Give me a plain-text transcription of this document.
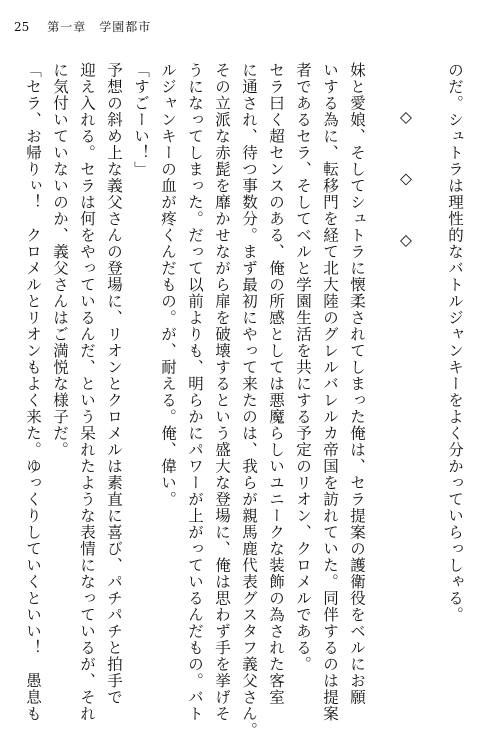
25 第一章　学園都市

のだ。シュトラは理性的なバトルジャンキーをよく分かっていらっしゃる。

◇　◇　◇

妹と愛娘、そしてシュトラに懐柔されてしまった俺は、セラ提案の護衛役をベルにお願

いする為に、転移門を経て北大陸のグレルバレルカ帝国を訪れていた。同伴するのは提案

者であるセラ、そしてベルと学園生活を共にする予定のリオン、クロメルである。

セラ曰く超センスのある、俺の所感としては悪魔らしいユニークな装飾の為された客室

に通され、待つ事数分。まず最初にやって来たのは、我らが親馬鹿代表グスタフ義父さん。

その立派な赤髭を靡かせながら扉を破壊するという盛大な登場に、俺は思わず手を挙げそ

うになってしまった。だって以前よりも、明らかにパワーが上がっているんだもの。バト

ルジャンキーの血が疼くんだもの。が、耐える。俺、偉い。

「すごーい！」

予想の斜め上な義父さんの登場に、リオンとクロメルは素直に喜び、パチパチと拍手で

迎え入れる。セラは何をやっているんだ、という呆れたような表情になっているが、それ

に気付いていないのか、義父さんはご満悦な様子だ。

「セラ、お帰りぃ！　クロメルとリオンもよく来た。ゆっくりしていくといい！　愚息も
